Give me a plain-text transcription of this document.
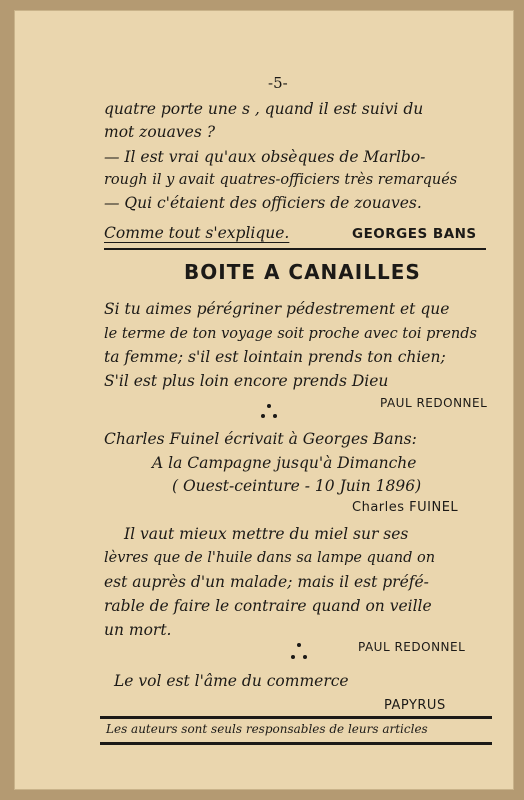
-5-
quatre porte une s , quand il est suivi du
mot zouaves ?
— Il est vrai qu'aux obsèques de Marlbo-
rough il y avait quatres-officiers très remarqués
— Qui c'étaient des officiers de zouaves.
Comme tout s'explique.	GEORGES BANS
BOITE A CANAILLES
Si tu aimes pérégriner pédestrement et que
le terme de ton voyage soit proche avec toi prends
ta femme; s'il est lointain prends ton chien;
S'il est plus loin encore prends Dieu
PAUL REDONNEL
Charles Fuinel écrivait à Georges Bans:
A la Campagne jusqu'à Dimanche
( Ouest-ceinture - 10 Juin 1896)
Charles FUINEL
Il vaut mieux mettre du miel sur ses
lèvres que de l'huile dans sa lampe quand on
est auprès d'un malade; mais il est préfé-
rable de faire le contraire quand on veille
un mort.
PAUL REDONNEL
Le vol est l'âme du commerce
PAPYRUS
Les auteurs sont seuls responsables de leurs articles
